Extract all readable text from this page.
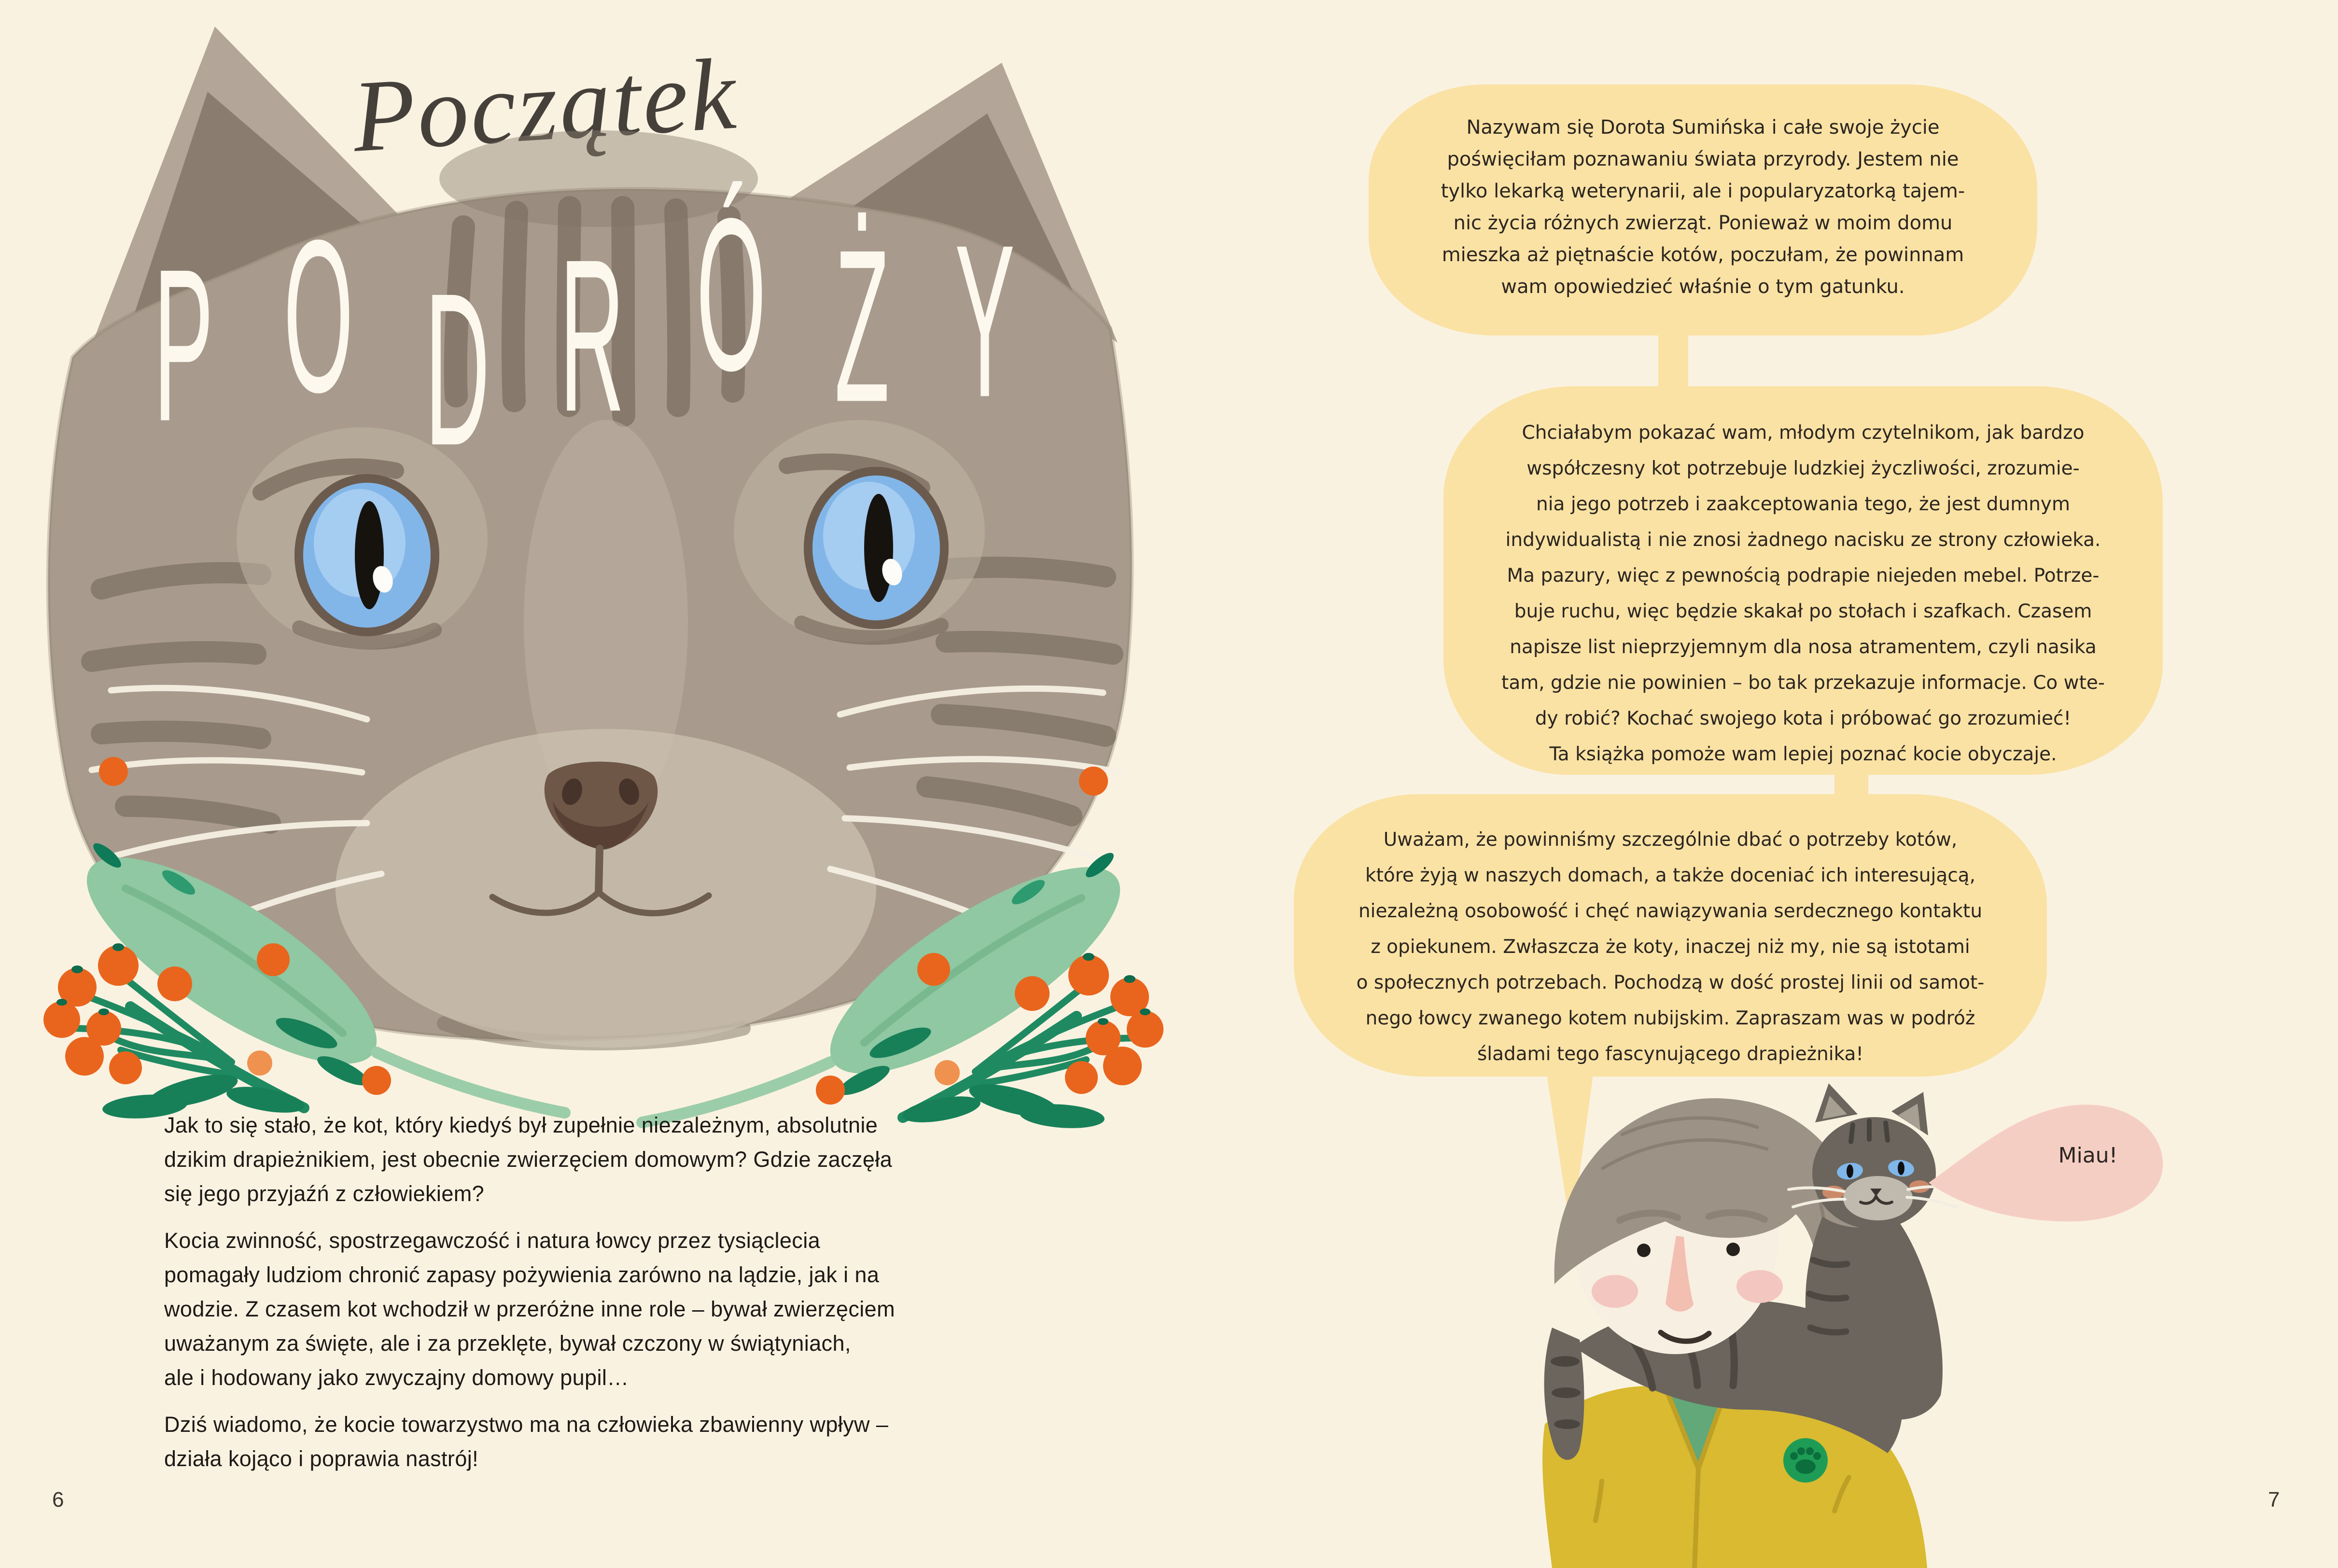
Początek
P O D R Ó Ż Y
Jak to się stało, że kot, który kiedyś był zupełnie niezależnym, absolutnie
dzikim drapieżnikiem, jest obecnie zwierzęciem domowym? Gdzie zaczęła
się jego przyjaźń z człowiekiem?
Kocia zwinność, spostrzegawczość i natura łowcy przez tysiąclecia
pomagały ludziom chronić zapasy pożywienia zarówno na lądzie, jak i na
wodzie. Z czasem kot wchodził w przeróżne inne role – bywał zwierzęciem
uważanym za święte, ale i za przeklęte, bywał czczony w świątyniach,
ale i hodowany jako zwyczajny domowy pupil…
Dziś wiadomo, że kocie towarzystwo ma na człowieka zbawienny wpływ –
działa kojąco i poprawia nastrój!
6
Nazywam się Dorota Sumińska i całe swoje życie
poświęciłam poznawaniu świata przyrody. Jestem nie
tylko lekarką weterynarii, ale i popularyzatorką tajem-
nic życia różnych zwierząt. Ponieważ w moim domu
mieszka aż piętnaście kotów, poczułam, że powinnam
wam opowiedzieć właśnie o tym gatunku.
Chciałabym pokazać wam, młodym czytelnikom, jak bardzo
współczesny kot potrzebuje ludzkiej życzliwości, zrozumie-
nia jego potrzeb i zaakceptowania tego, że jest dumnym
indywidualistą i nie znosi żadnego nacisku ze strony człowieka.
Ma pazury, więc z pewnością podrapie niejeden mebel. Potrze-
buje ruchu, więc będzie skakał po stołach i szafkach. Czasem
napisze list nieprzyjemnym dla nosa atramentem, czyli nasika
tam, gdzie nie powinien – bo tak przekazuje informacje. Co wte-
dy robić? Kochać swojego kota i próbować go zrozumieć!
Ta książka pomoże wam lepiej poznać kocie obyczaje.
Uważam, że powinniśmy szczególnie dbać o potrzeby kotów,
które żyją w naszych domach, a także doceniać ich interesującą,
niezależną osobowość i chęć nawiązywania serdecznego kontaktu
z opiekunem. Zwłaszcza że koty, inaczej niż my, nie są istotami
o społecznych potrzebach. Pochodzą w dość prostej linii od samot-
nego łowcy zwanego kotem nubijskim. Zapraszam was w podróż
śladami tego fascynującego drapieżnika!
Miau!
7
